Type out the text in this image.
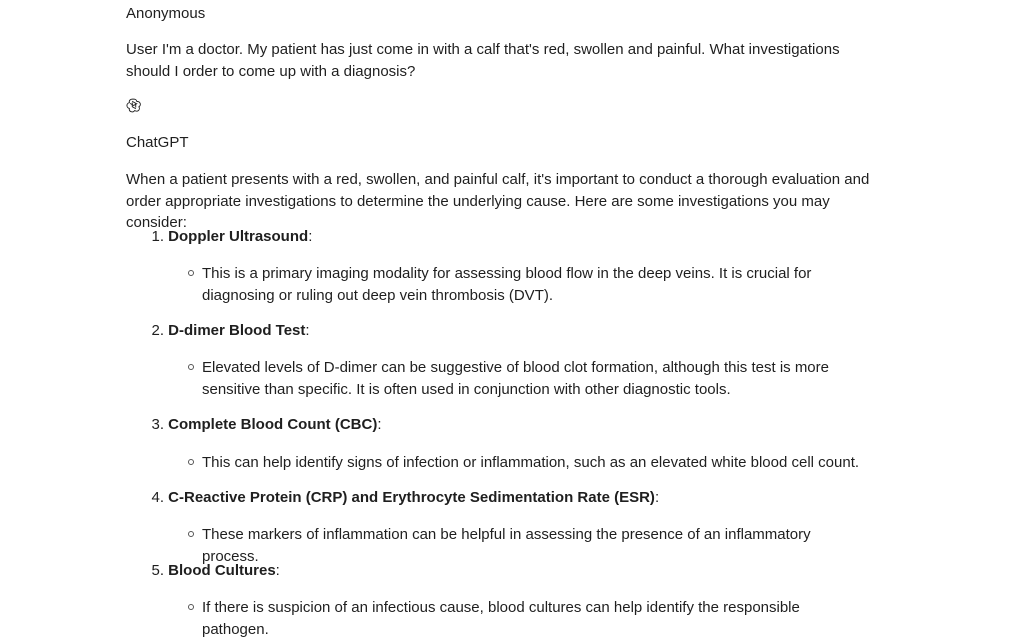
Anonymous
User I'm a doctor. My patient has just come in with a calf that's red, swollen and painful. What investigations should I order to come up with a diagnosis?
ChatGPT
When a patient presents with a red, swollen, and painful calf, it's important to conduct a thorough evaluation and order appropriate investigations to determine the underlying cause. Here are some investigations you may consider:
1. Doppler Ultrasound:
This is a primary imaging modality for assessing blood flow in the deep veins. It is crucial for diagnosing or ruling out deep vein thrombosis (DVT).
2. D-dimer Blood Test:
Elevated levels of D-dimer can be suggestive of blood clot formation, although this test is more sensitive than specific. It is often used in conjunction with other diagnostic tools.
3. Complete Blood Count (CBC):
This can help identify signs of infection or inflammation, such as an elevated white blood cell count.
4. C-Reactive Protein (CRP) and Erythrocyte Sedimentation Rate (ESR):
These markers of inflammation can be helpful in assessing the presence of an inflammatory process.
5. Blood Cultures:
If there is suspicion of an infectious cause, blood cultures can help identify the responsible pathogen.
